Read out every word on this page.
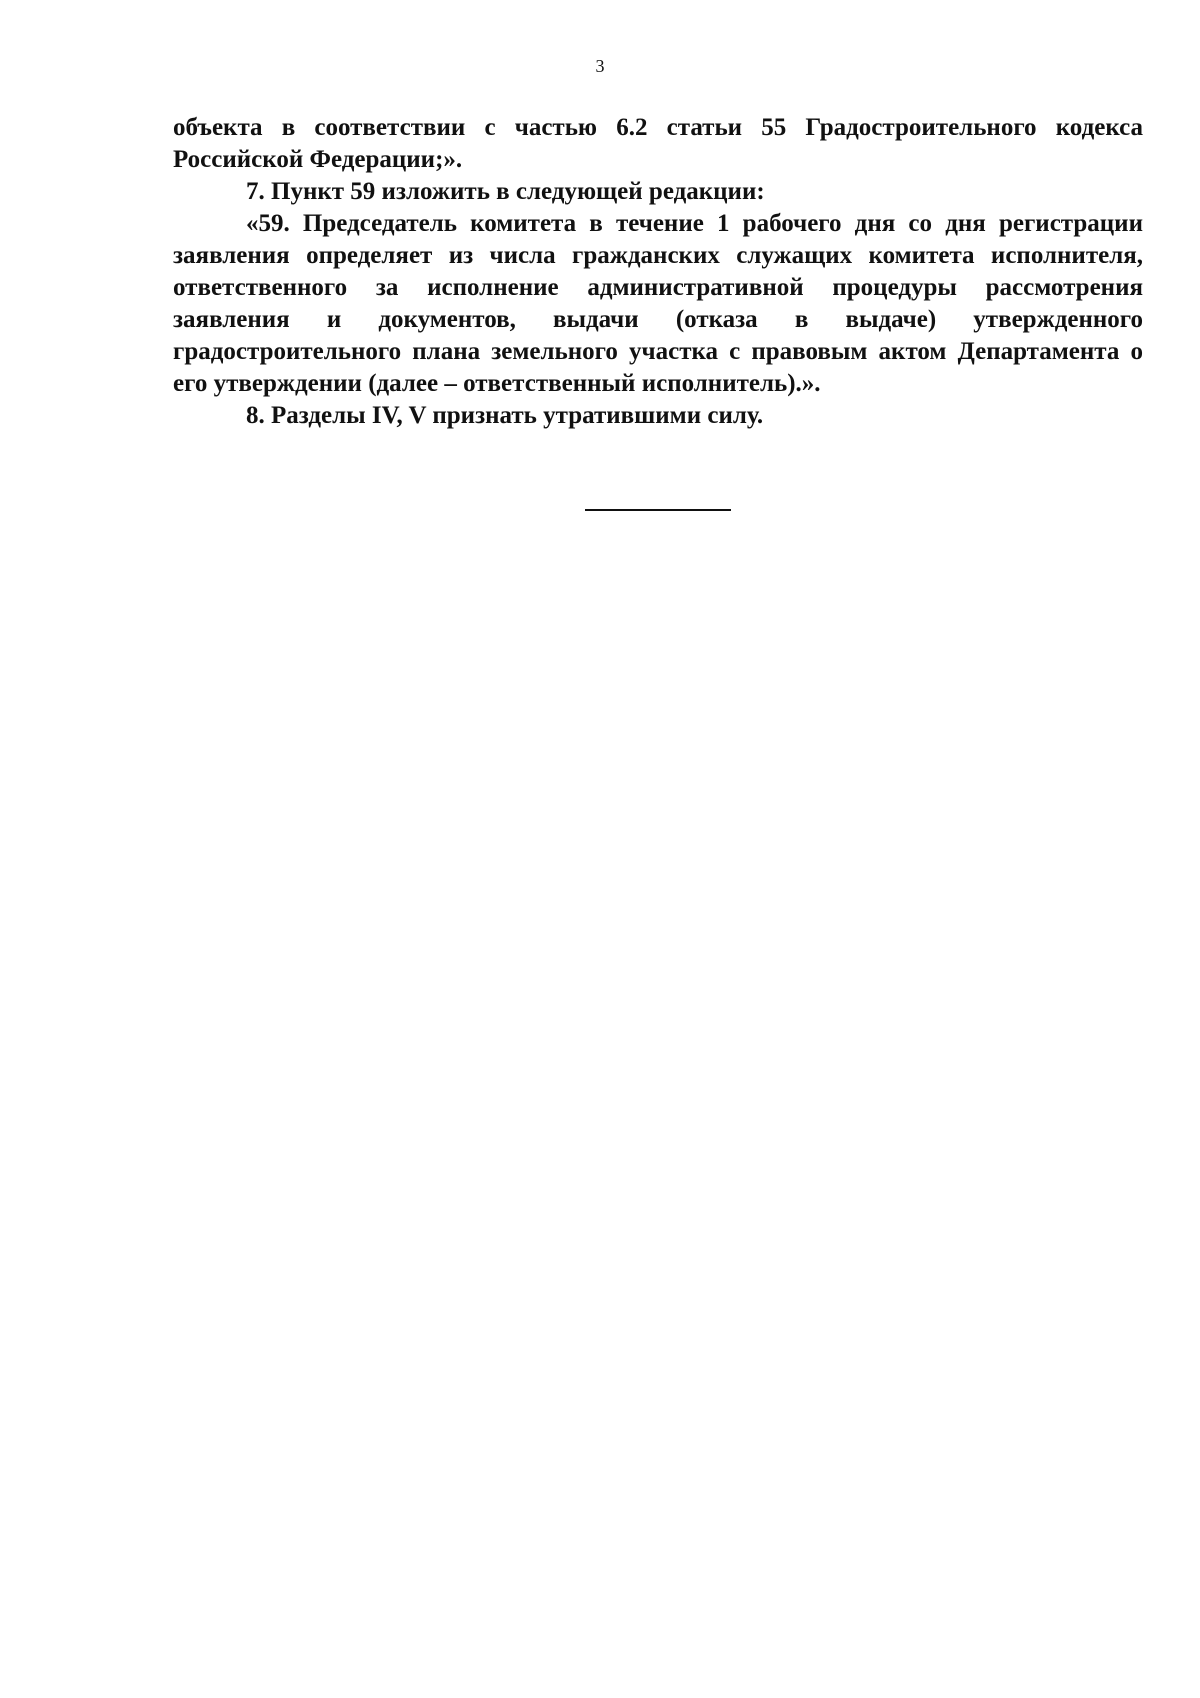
3

объекта в соответствии с частью 6.2 статьи 55 Градостроительного кодекса Российской Федерации;».

7. Пункт 59 изложить в следующей редакции:

«59. Председатель комитета в течение 1 рабочего дня со дня регистрации заявления определяет из числа гражданских служащих комитета исполнителя, ответственного за исполнение административной процедуры рассмотрения заявления и документов, выдачи (отказа в выдаче) утвержденного градостроительного плана земельного участка с правовым актом Департамента о его утверждении (далее – ответственный исполнитель).».

8. Разделы IV, V признать утратившими силу.
